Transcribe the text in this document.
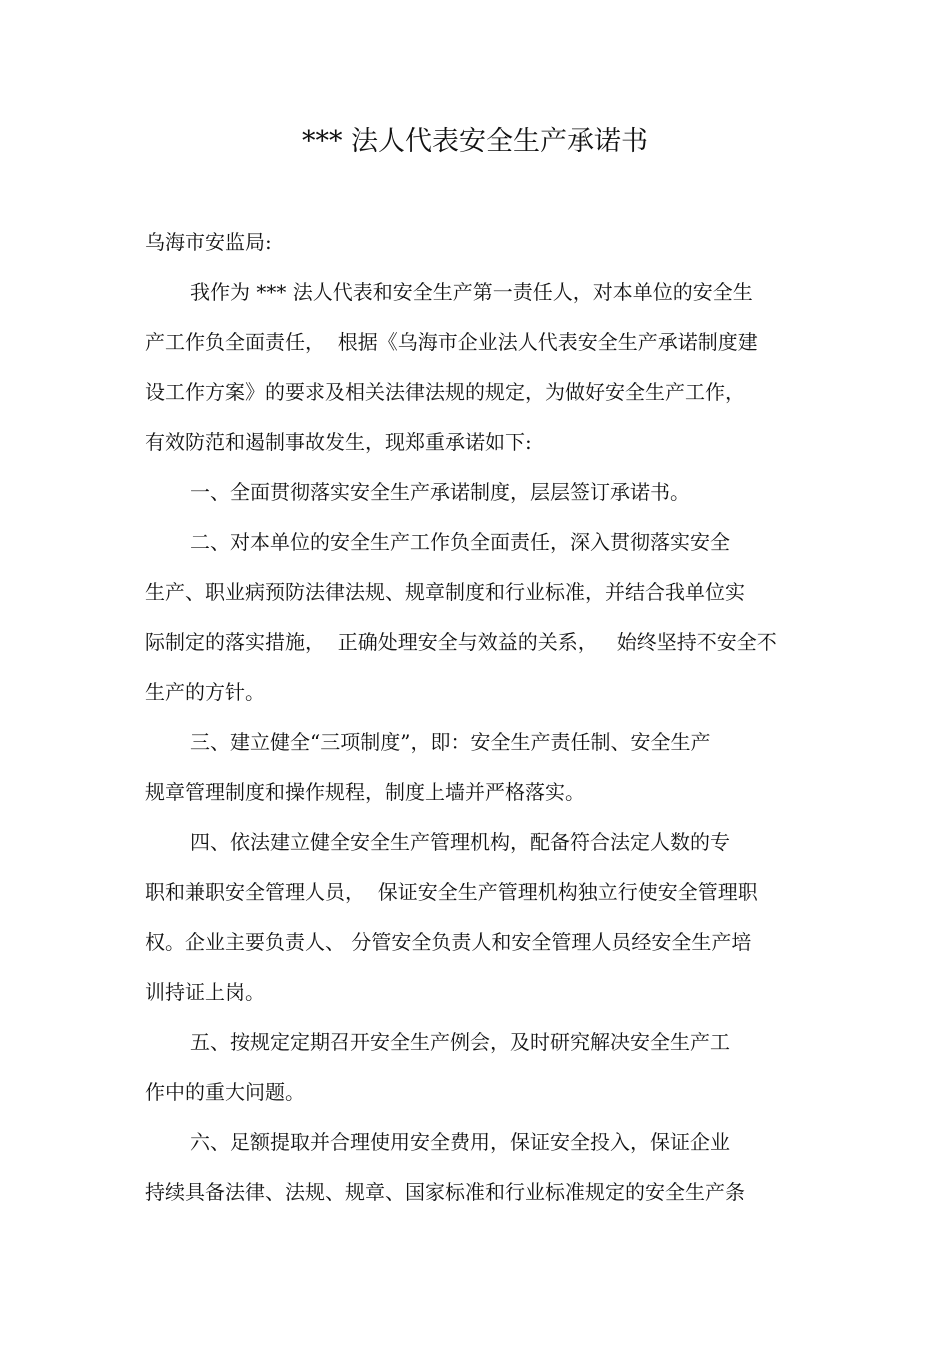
*** 法人代表安全生产承诺书
乌海市安监局:
我作为 *** 法人代表和安全生产第一责任人，对本单位的安全生
产工作负全面责任，  根据《乌海市企业法人代表安全生产承诺制度建
设工作方案》的要求及相关法律法规的规定，为做好安全生产工作，
有效防范和遏制事故发生，现郑重承诺如下:
一、全面贯彻落实安全生产承诺制度，层层签订承诺书。
二、对本单位的安全生产工作负全面责任，深入贯彻落实安全
生产、职业病预防法律法规、规章制度和行业标准，并结合我单位实
际制定的落实措施，  正确处理安全与效益的关系，   始终坚持不安全不
生产的方针。
三、建立健全“三项制度”，即：安全生产责任制、安全生产
规章管理制度和操作规程，制度上墙并严格落实。
四、依法建立健全安全生产管理机构，配备符合法定人数的专
职和兼职安全管理人员，  保证安全生产管理机构独立行使安全管理职
权。企业主要负责人、 分管安全负责人和安全管理人员经安全生产培
训持证上岗。
五、按规定定期召开安全生产例会，及时研究解决安全生产工
作中的重大问题。
六、足额提取并合理使用安全费用，保证安全投入，保证企业
持续具备法律、法规、规章、国家标准和行业标准规定的安全生产条
